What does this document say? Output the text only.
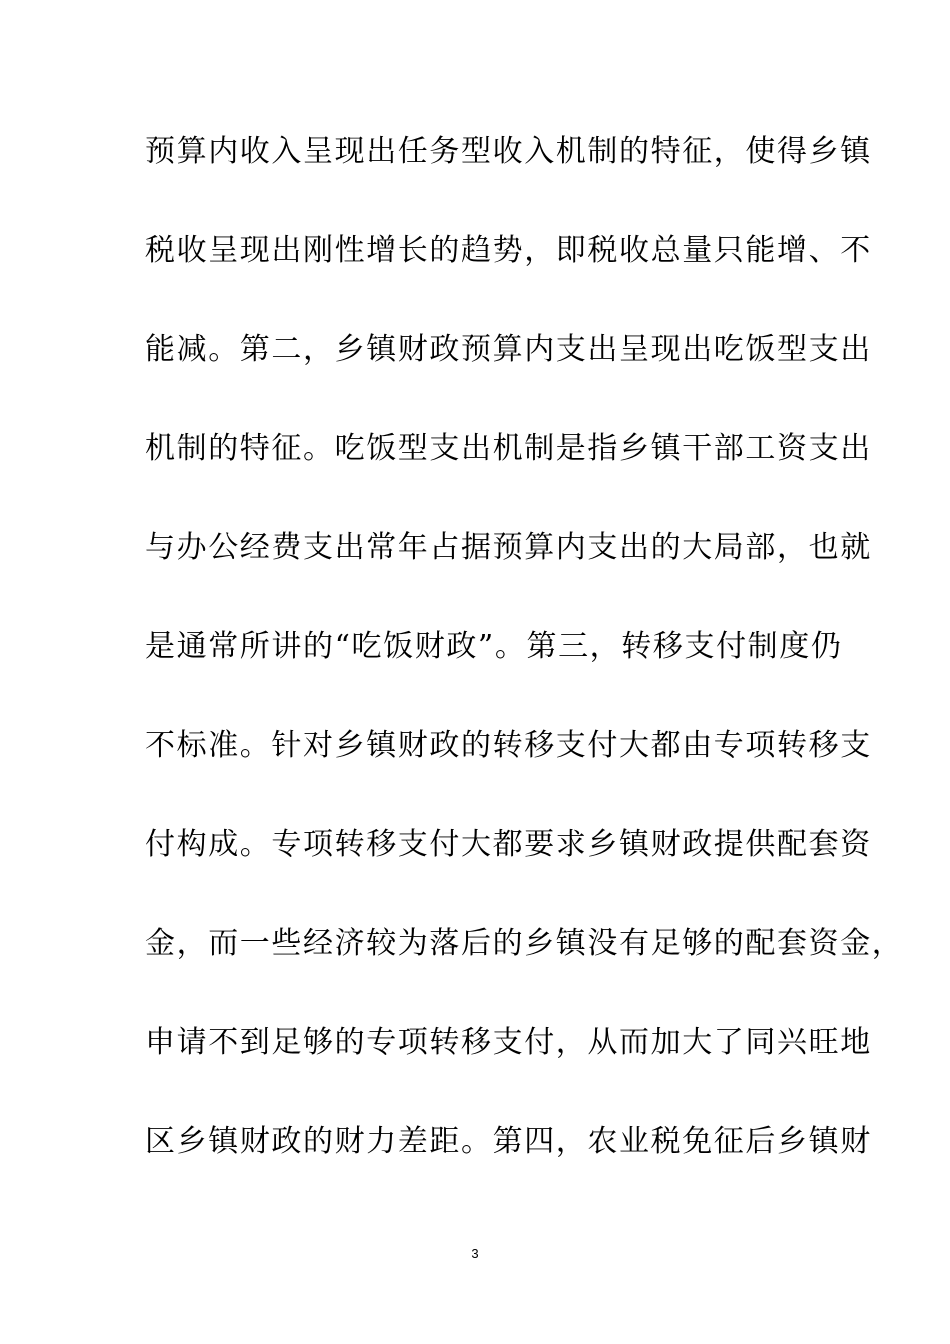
预算内收入呈现出任务型收入机制的特征，使得乡镇
税收呈现出刚性增长的趋势，即税收总量只能增、不
能减。第二，乡镇财政预算内支出呈现出吃饭型支出
机制的特征。吃饭型支出机制是指乡镇干部工资支出
与办公经费支出常年占据预算内支出的大局部，也就
是通常所讲的“吃饭财政”。第三，转移支付制度仍
不标准。针对乡镇财政的转移支付大都由专项转移支
付构成。专项转移支付大都要求乡镇财政提供配套资
金，而一些经济较为落后的乡镇没有足够的配套资金，
申请不到足够的专项转移支付，从而加大了同兴旺地
区乡镇财政的财力差距。第四，农业税免征后乡镇财
3
